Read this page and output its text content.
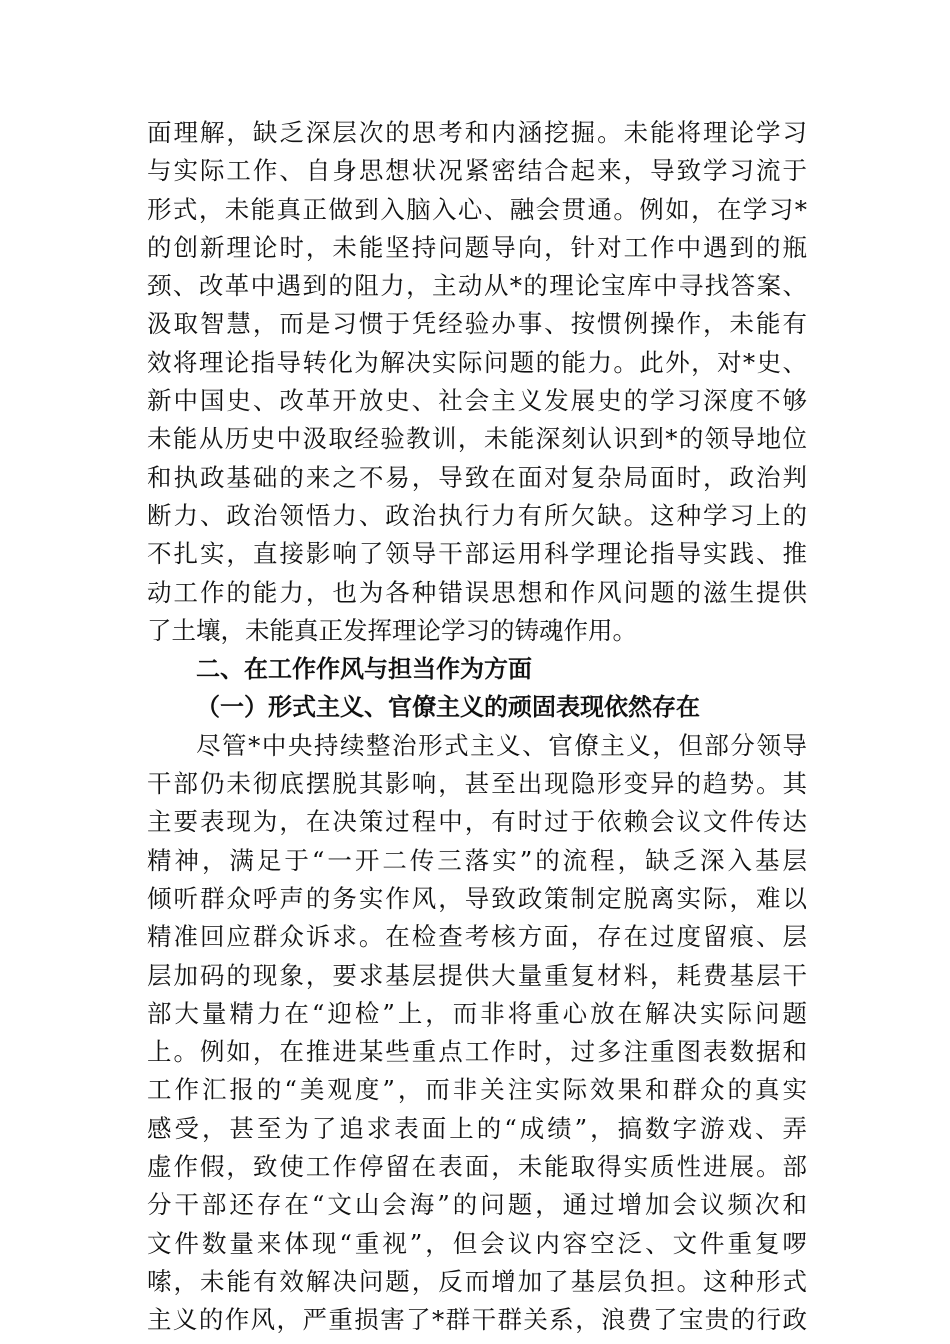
面理解，缺乏深层次的思考和内涵挖掘。未能将理论学习
与实际工作、自身思想状况紧密结合起来，导致学习流于
形式，未能真正做到入脑入心、融会贯通。例如，在学习*
的创新理论时，未能坚持问题导向，针对工作中遇到的瓶
颈、改革中遇到的阻力，主动从*的理论宝库中寻找答案、
汲取智慧，而是习惯于凭经验办事、按惯例操作，未能有
效将理论指导转化为解决实际问题的能力。此外，对*史、
新中国史、改革开放史、社会主义发展史的学习深度不够
未能从历史中汲取经验教训，未能深刻认识到*的领导地位
和执政基础的来之不易，导致在面对复杂局面时，政治判
断力、政治领悟力、政治执行力有所欠缺。这种学习上的
不扎实，直接影响了领导干部运用科学理论指导实践、推
动工作的能力，也为各种错误思想和作风问题的滋生提供
了土壤，未能真正发挥理论学习的铸魂作用。
二、在工作作风与担当作为方面
（一）形式主义、官僚主义的顽固表现依然存在
尽管*中央持续整治形式主义、官僚主义，但部分领导
干部仍未彻底摆脱其影响，甚至出现隐形变异的趋势。其
主要表现为，在决策过程中，有时过于依赖会议文件传达
精神，满足于“一开二传三落实”的流程，缺乏深入基层
倾听群众呼声的务实作风，导致政策制定脱离实际，难以
精准回应群众诉求。在检查考核方面，存在过度留痕、层
层加码的现象，要求基层提供大量重复材料，耗费基层干
部大量精力在“迎检”上，而非将重心放在解决实际问题
上。例如，在推进某些重点工作时，过多注重图表数据和
工作汇报的“美观度”，而非关注实际效果和群众的真实
感受，甚至为了追求表面上的“成绩”，搞数字游戏、弄
虚作假，致使工作停留在表面，未能取得实质性进展。部
分干部还存在“文山会海”的问题，通过增加会议频次和
文件数量来体现“重视”，但会议内容空泛、文件重复啰
嗦，未能有效解决问题，反而增加了基层负担。这种形式
主义的作风，严重损害了*群干群关系，浪费了宝贵的行政
